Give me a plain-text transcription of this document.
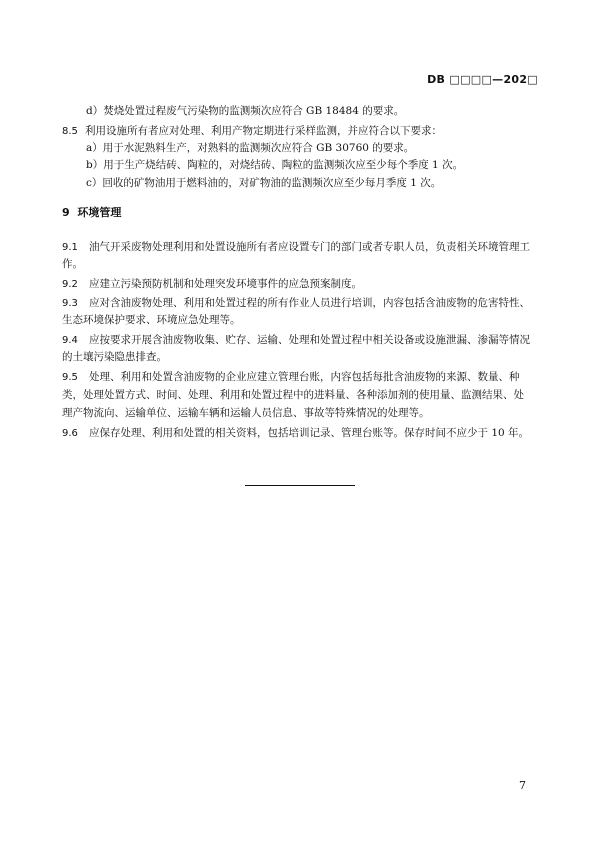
DB □□□□—202□
d）焚烧处置过程废气污染物的监测频次应符合 GB 18484 的要求。
8.5 利用设施所有者应对处理、利用产物定期进行采样监测，并应符合以下要求：
a）用于水泥熟料生产，对熟料的监测频次应符合 GB 30760 的要求。
b）用于生产烧结砖、陶粒的，对烧结砖、陶粒的监测频次应至少每个季度 1 次。
c）回收的矿物油用于燃料油的，对矿物油的监测频次应至少每月季度 1 次。
9 环境管理
9.1 油气开采废物处理利用和处置设施所有者应设置专门的部门或者专职人员，负责相关环境管理工
作。
9.2 应建立污染预防机制和处理突发环境事件的应急预案制度。
9.3 应对含油废物处理、利用和处置过程的所有作业人员进行培训，内容包括含油废物的危害特性、
生态环境保护要求、环境应急处理等。
9.4 应按要求开展含油废物收集、贮存、运输、处理和处置过程中相关设备或设施泄漏、渗漏等情况
的土壤污染隐患排查。
9.5 处理、利用和处置含油废物的企业应建立管理台账，内容包括每批含油废物的来源、数量、种
类，处理处置方式、时间、处理、利用和处置过程中的进料量、各种添加剂的使用量、监测结果、处
理产物流向、运输单位、运输车辆和运输人员信息、事故等特殊情况的处理等。
9.6 应保存处理、利用和处置的相关资料，包括培训记录、管理台账等。保存时间不应少于 10 年。
7
